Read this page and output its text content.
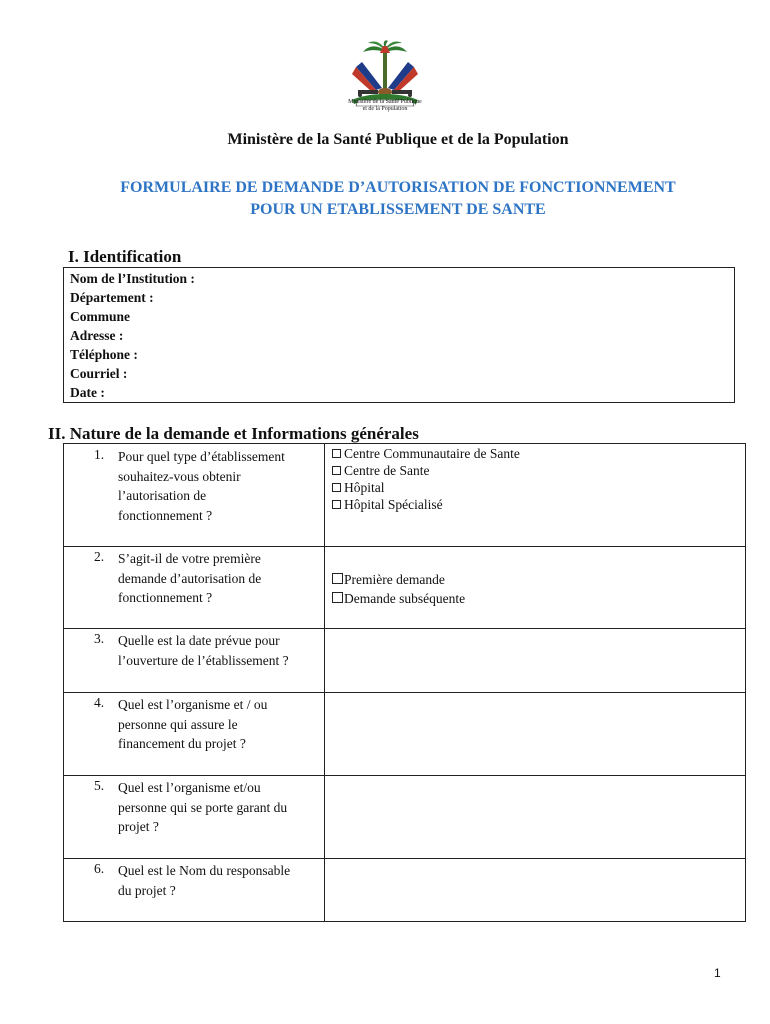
Ministère de la Santé Publique
et de la Population
Ministère de la Santé Publique et de la Population
FORMULAIRE DE DEMANDE D’AUTORISATION DE FONCTIONNEMENT
POUR UN ETABLISSEMENT DE SANTE
I. Identification
Nom de l’Institution :
Département :
Commune
Adresse :
Téléphone :
Courriel :
Date :
II. Nature de la demande et Informations générales
1. Pour quel type d’établissement
souhaitez-vous obtenir
l’autorisation de
fonctionnement ?
Centre Communautaire de Sante
Centre de Sante
Hôpital
Hôpital Spécialisé
2. S’agit-il de votre première
demande d’autorisation de
fonctionnement ?
Première demande
Demande subséquente
3. Quelle est la date prévue pour
l’ouverture de l’établissement ?
4. Quel est l’organisme et / ou
personne qui assure le
financement du projet ?
5. Quel est l’organisme et/ou
personne qui se porte garant du
projet ?
6. Quel est le Nom du responsable
du projet ?
1
